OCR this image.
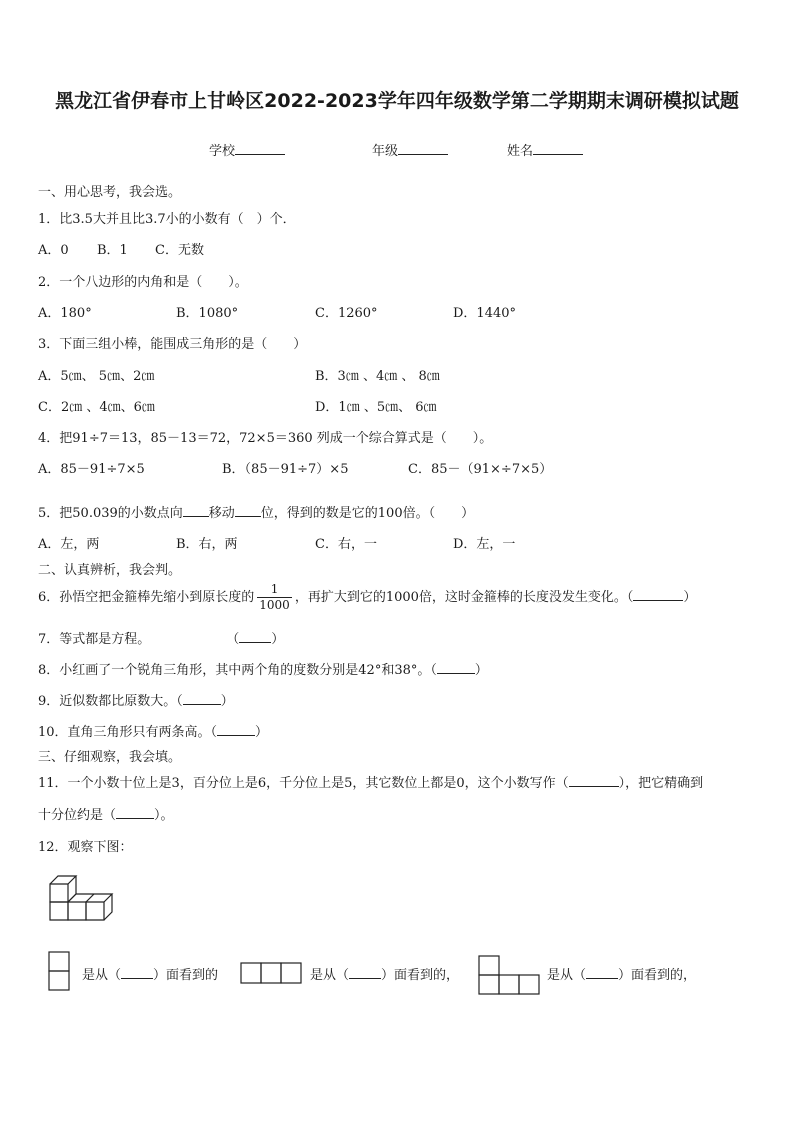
黑龙江省伊春市上甘岭区2022-2023学年四年级数学第二学期期末调研模拟试题
学校	年级	姓名
一、用心思考，我会选。
1．比3.5大并且比3.7小的小数有（　）个．
A．0 B．1 C．无数
2．一个八边形的内角和是（　　）。
A．180°	B．1080°	C．1260°	D．1440°
3．下面三组小棒，能围成三角形的是（　　）
A．5㎝、 5㎝、2㎝	B．3㎝ 、4㎝ 、 8㎝
C．2㎝ 、4㎝、6㎝	D．1㎝ 、5㎝、 6㎝
4．把91÷7＝13，85－13＝72，72×5＝360 列成一个综合算式是（　　）。
A．85－91÷7×5	B．（85－91÷7）×5	C．85－（91×÷7×5）
5．把50.039的小数点向 移动 位，得到的数是它的100倍。（　　）
A．左，两	B．右，两	C．右，一	D．左，一
二、认真辨析，我会判。
6．孙悟空把金箍棒先缩小到原长度的 $\frac{1}{1000}$ ，再扩大到它的1000倍，这时金箍棒的长度没发生变化。（	）
7．等式都是方程。	（ ）
8．小红画了一个锐角三角形，其中两个角的度数分别是42°和38°。（	）
9．近似数都比原数大。（	）
10．直角三角形只有两条高。（	）
三、仔细观察，我会填。
11．一个小数十位上是3，百分位上是6，千分位上是5，其它数位上都是0，这个小数写作（	），把它精确到
十分位约是（	）。
12．观察下图：
是从（ ）面看到的	是从（ ）面看到的，	是从（ ）面看到的，
